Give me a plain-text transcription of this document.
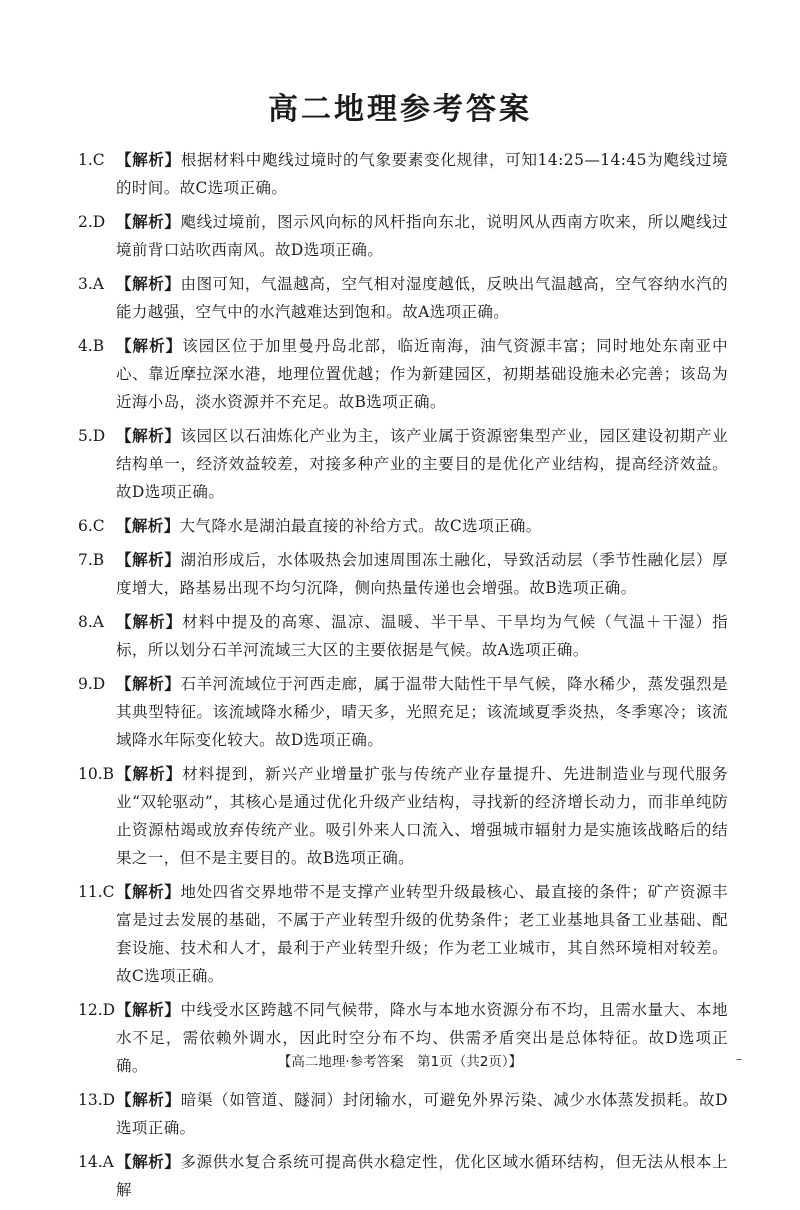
高二地理参考答案
1.C 【解析】根据材料中飑线过境时的气象要素变化规律，可知14:25—14:45为飑线过境的时间。故C选项正确。
2.D 【解析】飑线过境前，图示风向标的风杆指向东北，说明风从西南方吹来，所以飑线过境前背口站吹西南风。故D选项正确。
3.A 【解析】由图可知，气温越高，空气相对湿度越低，反映出气温越高，空气容纳水汽的能力越强，空气中的水汽越难达到饱和。故A选项正确。
4.B 【解析】该园区位于加里曼丹岛北部，临近南海，油气资源丰富；同时地处东南亚中心、靠近摩拉深水港，地理位置优越；作为新建园区，初期基础设施未必完善；该岛为近海小岛，淡水资源并不充足。故B选项正确。
5.D 【解析】该园区以石油炼化产业为主，该产业属于资源密集型产业，园区建设初期产业结构单一，经济效益较差，对接多种产业的主要目的是优化产业结构，提高经济效益。故D选项正确。
6.C 【解析】大气降水是湖泊最直接的补给方式。故C选项正确。
7.B 【解析】湖泊形成后，水体吸热会加速周围冻土融化，导致活动层（季节性融化层）厚度增大，路基易出现不均匀沉降，侧向热量传递也会增强。故B选项正确。
8.A 【解析】材料中提及的高寒、温凉、温暖、半干旱、干旱均为气候（气温＋干湿）指标，所以划分石羊河流域三大区的主要依据是气候。故A选项正确。
9.D 【解析】石羊河流域位于河西走廊，属于温带大陆性干旱气候，降水稀少，蒸发强烈是其典型特征。该流域降水稀少，晴天多，光照充足；该流域夏季炎热，冬季寒冷；该流域降水年际变化较大。故D选项正确。
10.B 【解析】材料提到，新兴产业增量扩张与传统产业存量提升、先进制造业与现代服务业“双轮驱动”，其核心是通过优化升级产业结构，寻找新的经济增长动力，而非单纯防止资源枯竭或放弃传统产业。吸引外来人口流入、增强城市辐射力是实施该战略后的结果之一，但不是主要目的。故B选项正确。
11.C 【解析】地处四省交界地带不是支撑产业转型升级最核心、最直接的条件；矿产资源丰富是过去发展的基础，不属于产业转型升级的优势条件；老工业基地具备工业基础、配套设施、技术和人才，最利于产业转型升级；作为老工业城市，其自然环境相对较差。故C选项正确。
12.D 【解析】中线受水区跨越不同气候带，降水与本地水资源分布不均，且需水量大、本地水不足，需依赖外调水，因此时空分布不均、供需矛盾突出是总体特征。故D选项正确。
13.D 【解析】暗渠（如管道、隧洞）封闭输水，可避免外界污染、减少水体蒸发损耗。故D选项正确。
14.A 【解析】多源供水复合系统可提高供水稳定性，优化区域水循环结构，但无法从根本上解
【高二地理·参考答案　第1页（共2页）】	–
